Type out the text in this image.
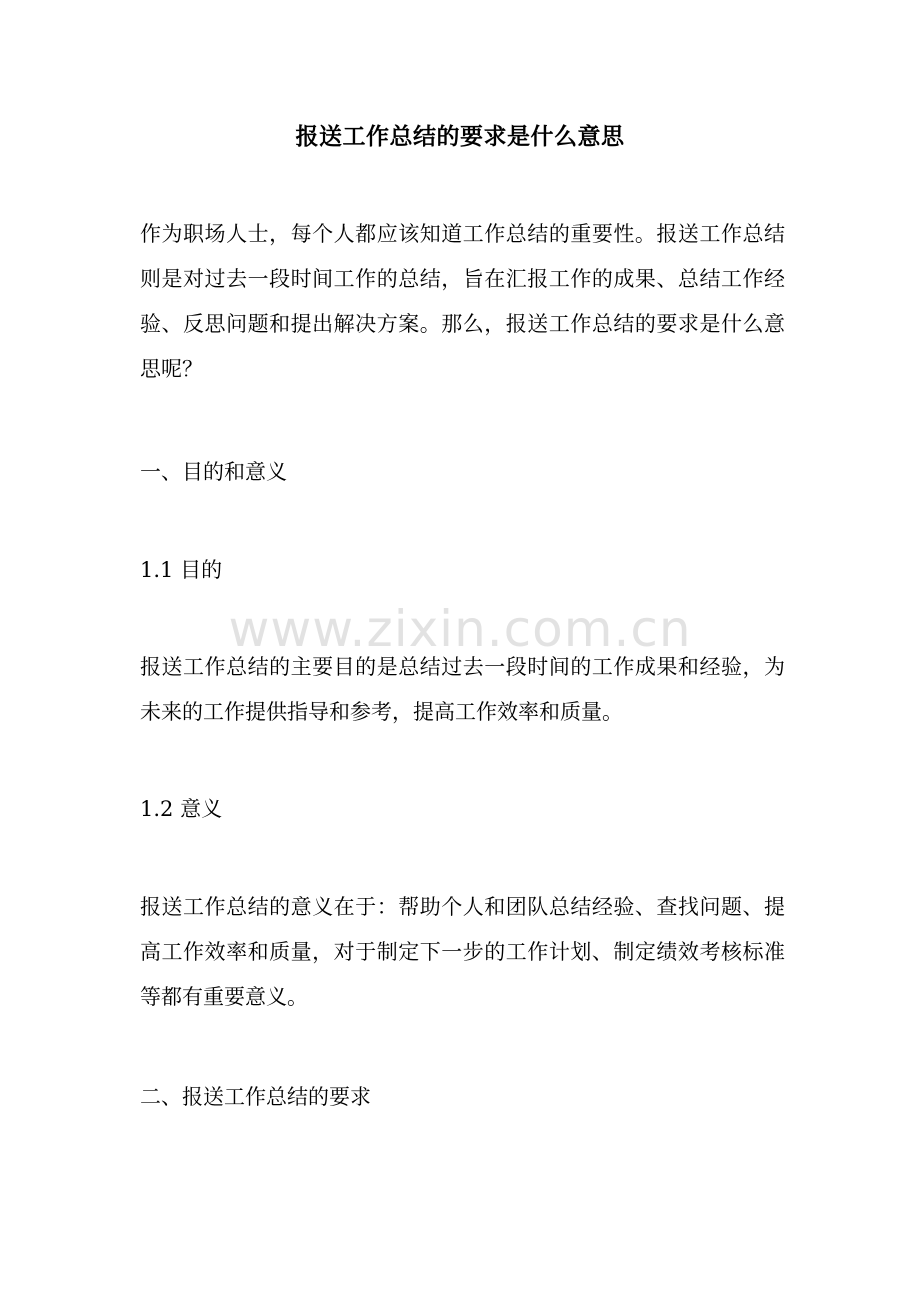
报送工作总结的要求是什么意思

作为职场人士，每个人都应该知道工作总结的重要性。报送工作总结则是对过去一段时间工作的总结，旨在汇报工作的成果、总结工作经验、反思问题和提出解决方案。那么，报送工作总结的要求是什么意思呢？

一、目的和意义

1.1 目的

报送工作总结的主要目的是总结过去一段时间的工作成果和经验，为未来的工作提供指导和参考，提高工作效率和质量。

1.2 意义

报送工作总结的意义在于：帮助个人和团队总结经验、查找问题、提高工作效率和质量，对于制定下一步的工作计划、制定绩效考核标准等都有重要意义。

二、报送工作总结的要求

www.zixin.com.cn
